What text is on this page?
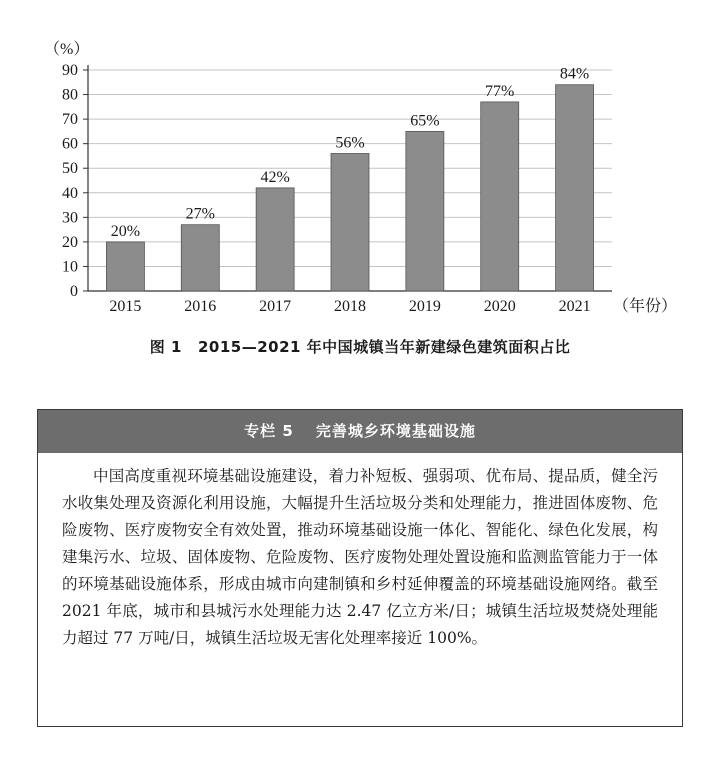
0
10
20
30
40
50
60
70
80
90
（%）
20%
2015
27%
2016
42%
2017
56%
2018
65%
2019
77%
2020
84%
2021 （年份）
图 1 2015—2021 年中国城镇当年新建绿色建筑面积占比
专栏 5 完善城乡环境基础设施
中国高度重视环境基础设施建设，着力补短板、强弱项、优布局、提品质，健全污水收集处理及资源化利用设施，大幅提升生活垃圾分类和处理能力，推进固体废物、危险废物、医疗废物安全有效处置，推动环境基础设施一体化、智能化、绿色化发展，构建集污水、垃圾、固体废物、危险废物、医疗废物处理处置设施和监测监管能力于一体的环境基础设施体系，形成由城市向建制镇和乡村延伸覆盖的环境基础设施网络。截至 2021 年底，城市和县城污水处理能力达 2.47 亿立方米/日；城镇生活垃圾焚烧处理能力超过 77 万吨/日，城镇生活垃圾无害化处理率接近 100%。
